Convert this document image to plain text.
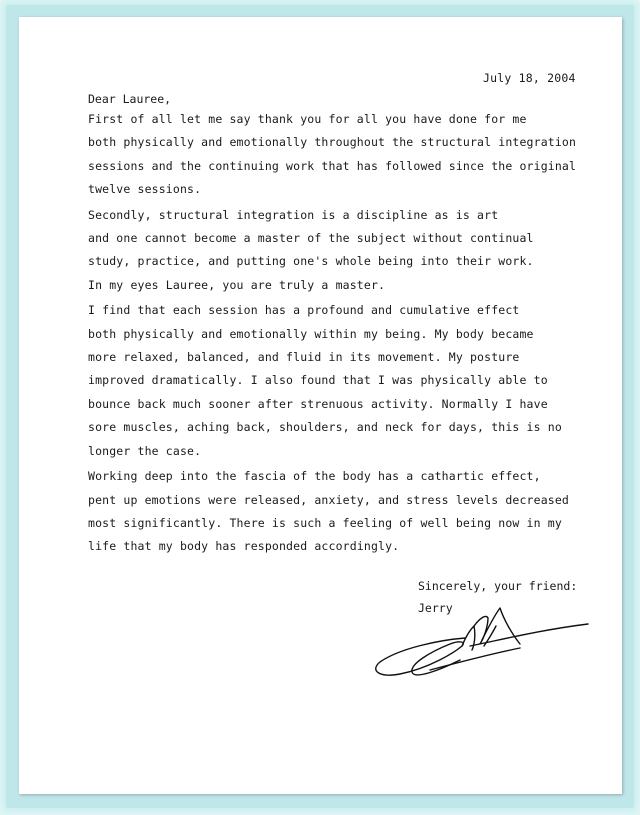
July 18, 2004
Dear Lauree,

First of all let me say thank you for all you have done for me
both physically and emotionally throughout the structural integration
sessions and the continuing work that has followed since the original
twelve sessions.

Secondly, structural integration is a discipline as is art
and one cannot become a master of the subject without continual
study, practice, and putting one's whole being into their work.
In my eyes Lauree, you are truly a master.

I find that each session has a profound and cumulative effect
both physically and emotionally within my being. My body became
more relaxed, balanced, and fluid in its movement. My posture
improved dramatically. I also found that I was physically able to
bounce back much sooner after strenuous activity. Normally I have
sore muscles, aching back, shoulders, and neck for days, this is no
longer the case.

Working deep into the fascia of the body has a cathartic effect,
pent up emotions were released, anxiety, and stress levels decreased
most significantly. There is such a feeling of well being now in my
life that my body has responded accordingly.

Sincerely, your friend:
Jerry
